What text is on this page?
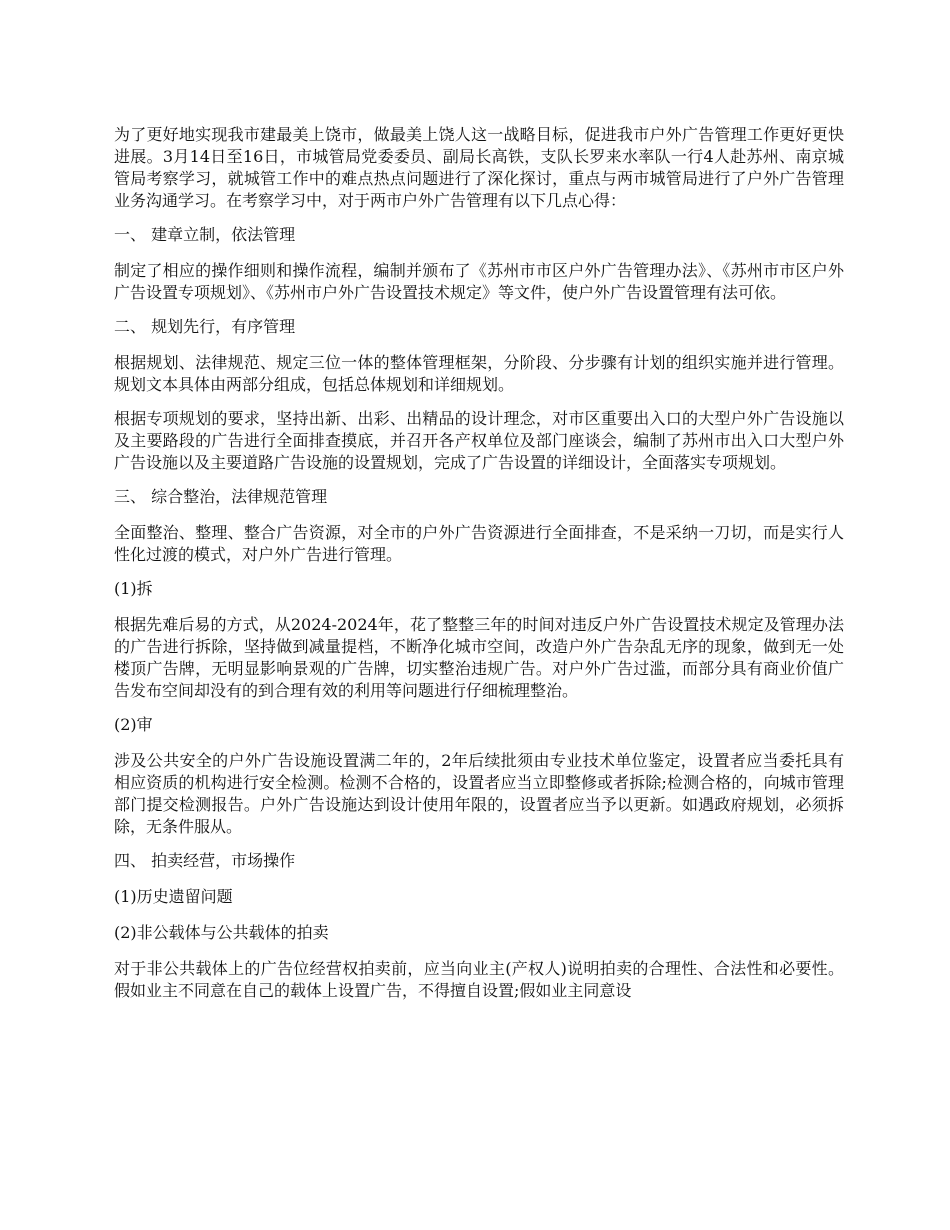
为了更好地实现我市建最美上饶市，做最美上饶人这一战略目标，促进我市户外广告管理工作更好更快进展。3月14日至16日，市城管局党委委员、副局长高铁，支队长罗来水率队一行4人赴苏州、南京城管局考察学习，就城管工作中的难点热点问题进行了深化探讨，重点与两市城管局进行了户外广告管理业务沟通学习。在考察学习中，对于两市户外广告管理有以下几点心得：

一、 建章立制，依法管理

制定了相应的操作细则和操作流程，编制并颁布了《苏州市市区户外广告管理办法》、《苏州市市区户外广告设置专项规划》、《苏州市户外广告设置技术规定》等文件，使户外广告设置管理有法可依。

二、 规划先行，有序管理

根据规划、法律规范、规定三位一体的整体管理框架，分阶段、分步骤有计划的组织实施并进行管理。规划文本具体由两部分组成，包括总体规划和详细规划。

根据专项规划的要求，坚持出新、出彩、出精品的设计理念，对市区重要出入口的大型户外广告设施以及主要路段的广告进行全面排查摸底，并召开各产权单位及部门座谈会，编制了苏州市出入口大型户外广告设施以及主要道路广告设施的设置规划，完成了广告设置的详细设计，全面落实专项规划。

三、 综合整治，法律规范管理

全面整治、整理、整合广告资源，对全市的户外广告资源进行全面排查，不是采纳一刀切，而是实行人性化过渡的模式，对户外广告进行管理。

(1)拆

根据先难后易的方式，从2024-2024年，花了整整三年的时间对违反户外广告设置技术规定及管理办法的广告进行拆除，坚持做到减量提档，不断净化城市空间，改造户外广告杂乱无序的现象，做到无一处楼顶广告牌，无明显影响景观的广告牌，切实整治违规广告。对户外广告过滥，而部分具有商业价值广告发布空间却没有的到合理有效的利用等问题进行仔细梳理整治。

(2)审

涉及公共安全的户外广告设施设置满二年的，2年后续批须由专业技术单位鉴定，设置者应当委托具有相应资质的机构进行安全检测。检测不合格的，设置者应当立即整修或者拆除;检测合格的，向城市管理部门提交检测报告。户外广告设施达到设计使用年限的，设置者应当予以更新。如遇政府规划，必须拆除，无条件服从。

四、 拍卖经营，市场操作

(1)历史遗留问题

(2)非公载体与公共载体的拍卖

对于非公共载体上的广告位经营权拍卖前，应当向业主(产权人)说明拍卖的合理性、合法性和必要性。假如业主不同意在自己的载体上设置广告，不得擅自设置;假如业主同意设
